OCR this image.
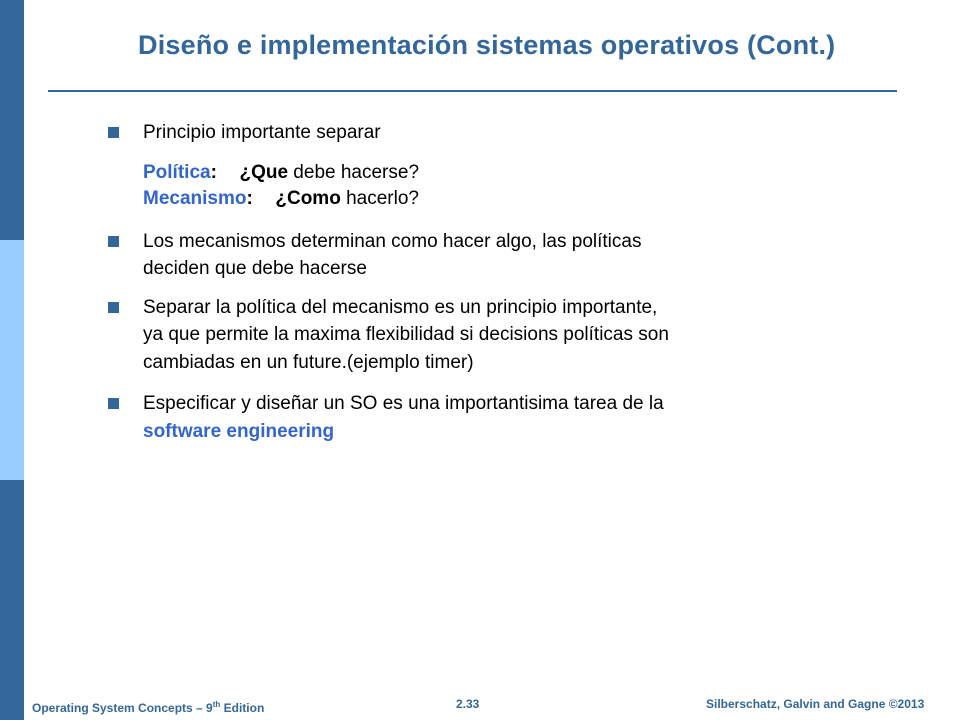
Diseño e implementación sistemas operativos (Cont.)
Principio importante separar
Política: ¿Que debe hacerse?
Mecanismo: ¿Como hacerlo?
Los mecanismos determinan como hacer algo, las políticas
deciden que debe hacerse
Separar la política del mecanismo es un principio importante,
ya que permite la maxima flexibilidad si decisions políticas son
cambiadas en un future.(ejemplo timer)
Especificar y diseñar un SO es una importantisima tarea de la
software engineering
Operating System Concepts – 9th Edition	2.33	Silberschatz, Galvin and Gagne ©2013
